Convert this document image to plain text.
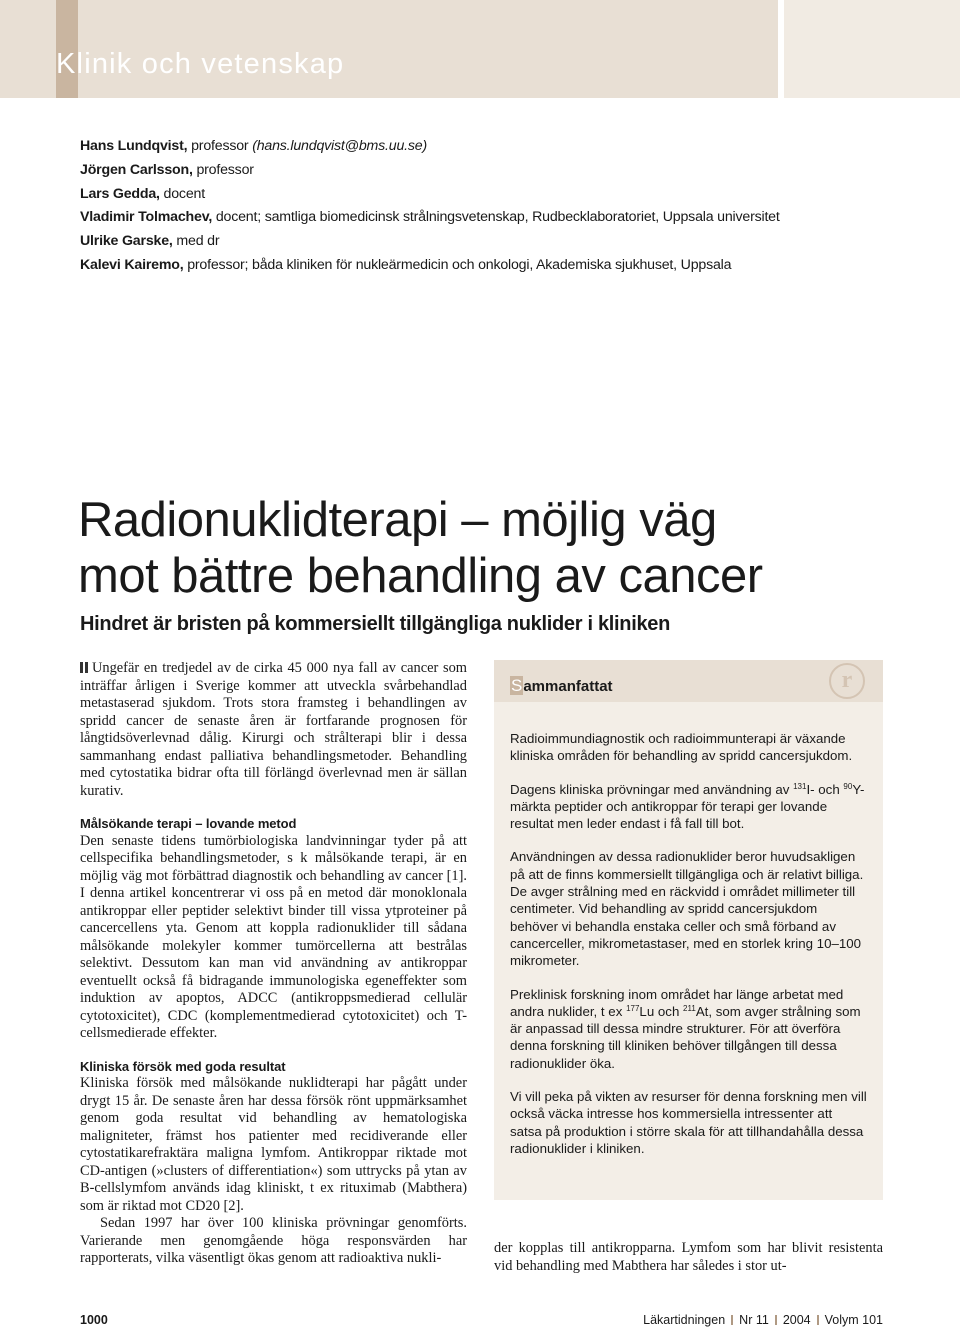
Klinik och vetenskap
Hans Lundqvist, professor (hans.lundqvist@bms.uu.se)
Jörgen Carlsson, professor
Lars Gedda, docent
Vladimir Tolmachev, docent; samtliga biomedicinsk strålningsvetenskap, Rudbecklaboratoriet, Uppsala universitet
Ulrike Garske, med dr
Kalevi Kairemo, professor; båda kliniken för nukleärmedicin och onkologi, Akademiska sjukhuset, Uppsala
Radionuklidterapi – möjlig väg
mot bättre behandling av cancer
Hindret är bristen på kommersiellt tillgängliga nuklider i kliniken

Ungefär en tredjedel av de cirka 45 000 nya fall av cancer som inträffar årligen i Sverige kommer att utveckla svårbehandlad metastaserad sjukdom. Trots stora framsteg i behandlingen av spridd cancer de senaste åren är fortfarande prognosen för långtidsöverlevnad dålig. Kirurgi och strålterapi blir i dessa sammanhang endast palliativa behandlingsmetoder. Behandling med cytostatika bidrar ofta till förlängd överlevnad men är sällan kurativ.

Målsökande terapi – lovande metod

Den senaste tidens tumörbiologiska landvinningar tyder på att cellspecifika behandlingsmetoder, s k målsökande terapi, är en möjlig väg mot förbättrad diagnostik och behandling av cancer [1]. I denna artikel koncentrerar vi oss på en metod där monoklonala antikroppar eller peptider selektivt binder till vissa ytproteiner på cancercellens yta. Genom att koppla radionuklider till sådana målsökande molekyler kommer tumörcellerna att bestrålas selektivt. Dessutom kan man vid användning av antikroppar eventuellt också få bidragande immunologiska egeneffekter som induktion av apoptos, ADCC (antikroppsmedierad cellulär cytotoxicitet), CDC (komplementmedierad cytotoxicitet) och T-cellsmedierade effekter.

Kliniska försök med goda resultat

Kliniska försök med målsökande nuklidterapi har pågått under drygt 15 år. De senaste åren har dessa försök rönt uppmärksamhet genom goda resultat vid behandling av hematologiska maligniteter, främst hos patienter med recidiverande eller cytostatikarefraktära maligna lymfom. Antikroppar riktade mot CD-antigen (»clusters of differentiation«) som uttrycks på ytan av B-cellslymfom används idag kliniskt, t ex rituximab (Mabthera) som är riktad mot CD20 [2].

Sedan 1997 har över 100 kliniska prövningar genomförts. Varierande men genomgående höga responsvärden har rapporterats, vilka väsentligt ökas genom att radioaktiva nukli-

Sammanfattat	r

Radioimmundiagnostik och radioimmunterapi är växande kliniska områden för behandling av spridd cancersjukdom.

Dagens kliniska prövningar med användning av $^{131}$I- och $^{90}$Y-märkta peptider och antikroppar för terapi ger lovande resultat men leder endast i få fall till bot.

Användningen av dessa radionuklider beror huvudsakligen på att de finns kommersiellt tillgängliga och är relativt billiga. De avger strålning med en räckvidd i området millimeter till centimeter. Vid behandling av spridd cancersjukdom behöver vi behandla enstaka celler och små förband av cancerceller, mikrometastaser, med en storlek kring 10–100 mikrometer.

Preklinisk forskning inom området har länge arbetat med andra nuklider, t ex $^{177}$Lu och $^{211}$At, som avger strålning som är anpassad till dessa mindre strukturer. För att överföra denna forskning till kliniken behöver tillgången till dessa radionuklider öka.

Vi vill peka på vikten av resurser för denna forskning men vill också väcka intresse hos kommersiella intressenter att satsa på produktion i större skala för att tillhandahålla dessa radionuklider i kliniken.

der kopplas till antikropparna. Lymfom som har blivit resistenta vid behandling med Mabthera har således i stor ut-

1000	Läkartidningen Nr 11 2004 Volym 101
